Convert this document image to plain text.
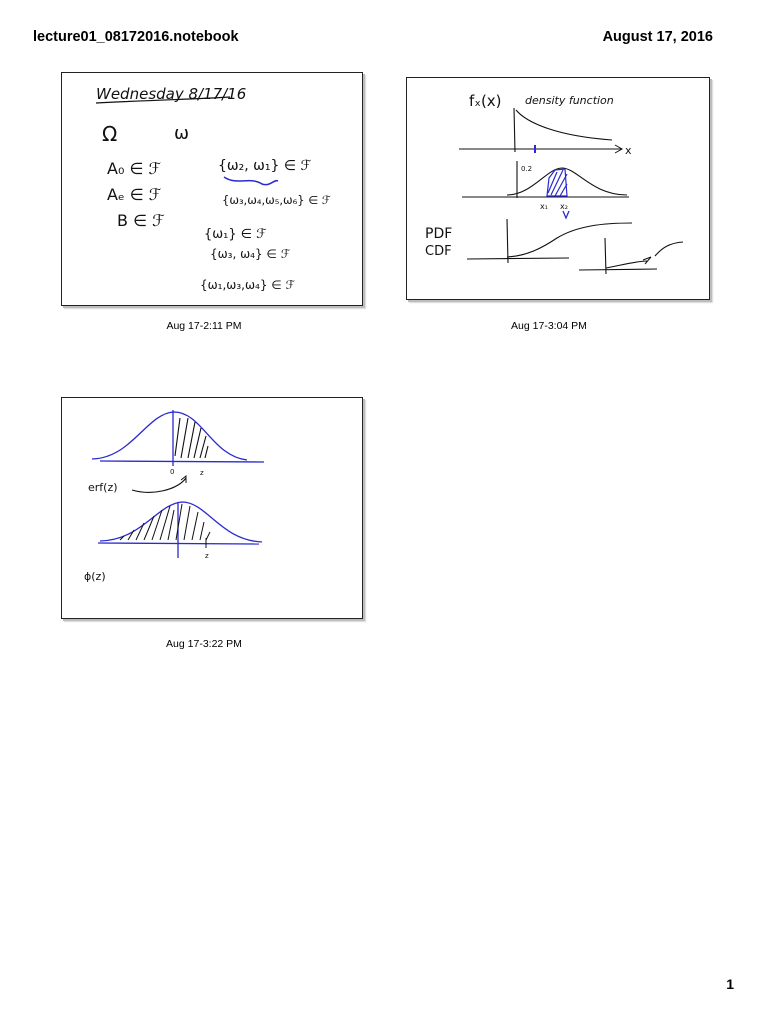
lecture01_08172016.notebook	August 17, 2016
Wednesday 8/17/16
Ω	ω
A₀ ∈ ℱ
Aₑ ∈ ℱ
B ∈ ℱ
{ω₂, ω₁} ∈ ℱ
{ω₃,ω₄,ω₅,ω₆} ∈ ℱ
{ω₁} ∈ ℱ
{ω₃, ω₄} ∈ ℱ
{ω₁,ω₃,ω₄} ∈ ℱ
Aug 17-2:11 PM
fₓ(x) density function
x
0.2
x₁ x₂
PDF
CDF
Aug 17-3:04 PM
0	z
erf(z)
z
ɸ(z)
Aug 17-3:22 PM
1
